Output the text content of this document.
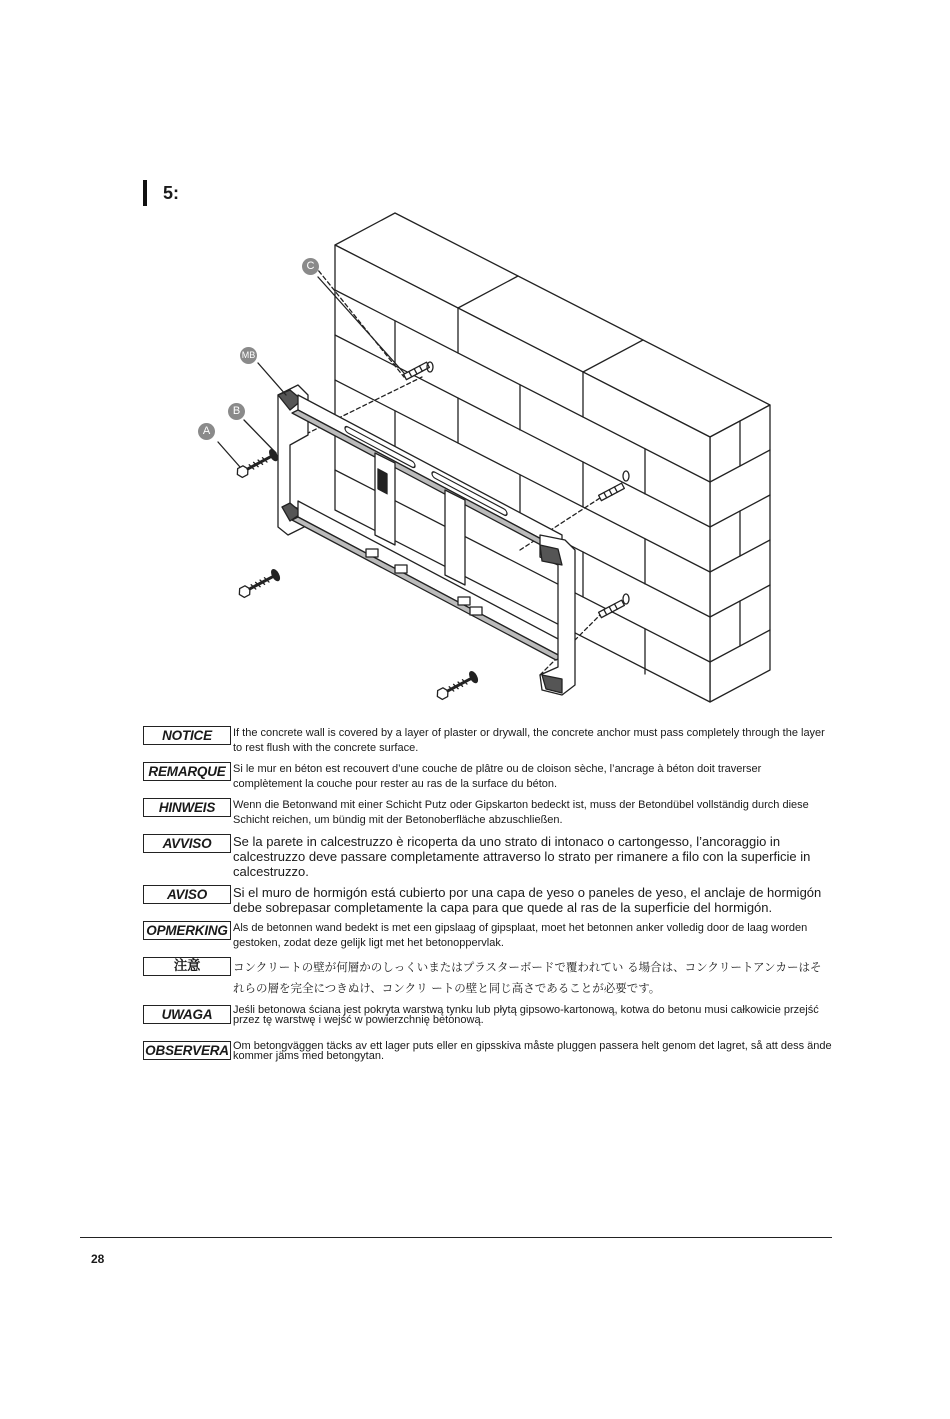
5:
C
MB
B
A
NOTICE	If the concrete wall is covered by a layer of plaster or drywall, the concrete anchor must pass completely through the layer to rest flush with the concrete surface.
REMARQUE Si le mur en béton est recouvert d’une couche de plâtre ou de cloison sèche, l’ancrage à béton doit traverser complètement la couche pour rester au ras de la surface du béton.
HINWEIS	Wenn die Betonwand mit einer Schicht Putz oder Gipskarton bedeckt ist, muss der Betondübel vollständig durch diese Schicht reichen, um bündig mit der Betonoberfläche abzuschließen.
AVVISO	Se la parete in calcestruzzo è ricoperta da uno strato di intonaco o cartongesso, l’ancoraggio in calcestruzzo deve passare completamente attraverso lo strato per rimanere a filo con la superficie in calcestruzzo.
AVISO	Si el muro de hormigón está cubierto por una capa de yeso o paneles de yeso, el anclaje de hormigón debe sobrepasar completamente la capa para que quede al ras de la superficie del hormigón.
OPMERKING Als de betonnen wand bedekt is met een gipslaag of gipsplaat, moet het betonnen anker volledig door de laag worden gestoken, zodat deze gelijk ligt met het betonoppervlak.
注意	コンクリートの壁が何層かのしっくいまたはプラスターボードで覆われてい る場合は、コンクリートアンカーはそれらの層を完全につきぬけ、コンクリ ートの壁と同じ高さであることが必要です。
UWAGA	Jeśli betonowa ściana jest pokryta warstwą tynku lub płytą gipsowo-kartonową, kotwa do betonu musi całkowicie przejść przez tę warstwę i wejść w powierzchnię betonową.
OBSERVERA Om betongväggen täcks av ett lager puts eller en gipsskiva måste pluggen passera helt genom det lagret, så att dess ände kommer jäms med betongytan.
28
